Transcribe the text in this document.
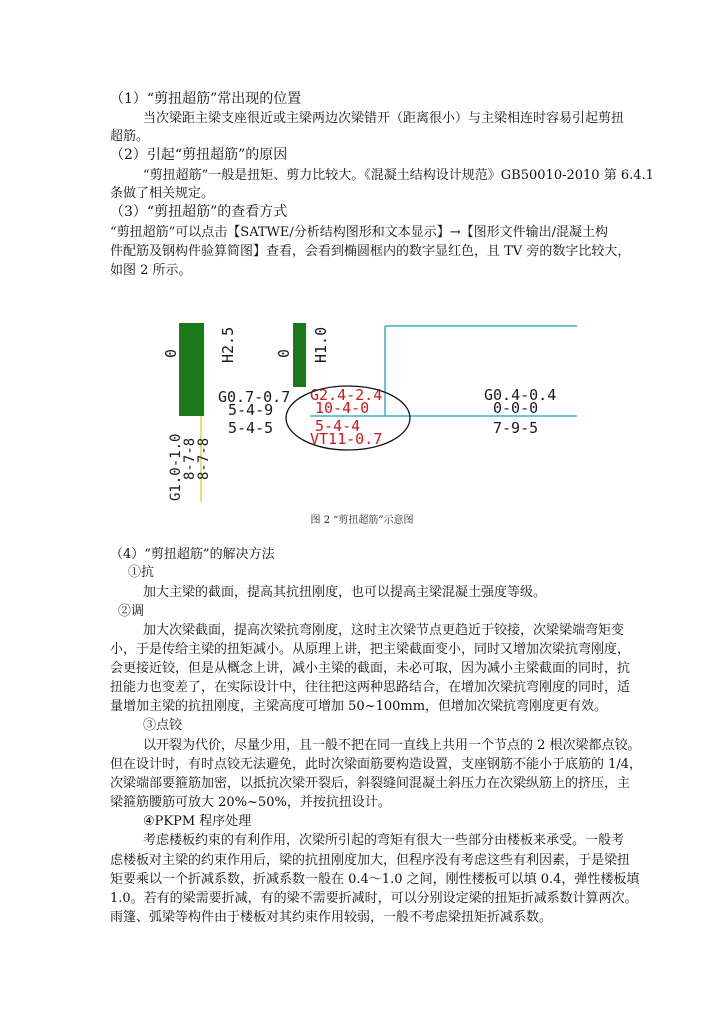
（1）“剪扭超筋”常出现的位置
当次梁距主梁支座很近或主梁两边次梁错开（距离很小）与主梁相连时容易引起剪扭
超筋。
（2）引起“剪扭超筋”的原因
“剪扭超筋”一般是扭矩、剪力比较大。《混凝土结构设计规范》GB50010-2010 第 6.4.1
条做了相关规定。
（3）“剪扭超筋”的查看方式
“剪扭超筋”可以点击【SATWE/分析结构图形和文本显示】→【图形文件输出/混凝土构
件配筋及钢构件验算简图】查看，会看到椭圆框内的数字显红色，且 TV 旁的数字比较大，
如图 2 所示。
0	H2.5	0 H1.0
G0.7-0.7
5-4-9
5-4-5
G2.4-2.4
10-4-0
5-4-4
VT11-0.7
G0.4-0.4
0-0-0
7-9-5
G1.0-1.0
8-7-8
8-7-8
图 2 “剪扭超筋”示意图
（4）“剪扭超筋”的解决方法
①抗
加大主梁的截面，提高其抗扭刚度，也可以提高主梁混凝土强度等级。
②调
加大次梁截面，提高次梁抗弯刚度，这时主次梁节点更趋近于铰接，次梁梁端弯矩变
小，于是传给主梁的扭矩减小。从原理上讲，把主梁截面变小，同时又增加次梁抗弯刚度，
会更接近铰，但是从概念上讲，减小主梁的截面，未必可取，因为减小主梁截面的同时，抗
扭能力也变差了，在实际设计中，往往把这两种思路结合，在增加次梁抗弯刚度的同时，适
量增加主梁的抗扭刚度，主梁高度可增加 50~100mm，但增加次梁抗弯刚度更有效。
③点铰
以开裂为代价，尽量少用，且一般不把在同一直线上共用一个节点的 2 根次梁都点铰。
但在设计时，有时点铰无法避免，此时次梁面筋要构造设置，支座钢筋不能小于底筋的 1/4，
次梁端部要箍筋加密，以抵抗次梁开裂后，斜裂缝间混凝土斜压力在次梁纵筋上的挤压，主
梁箍筋腰筋可放大 20%~50%，并按抗扭设计。
④PKPM 程序处理
考虑楼板约束的有利作用，次梁所引起的弯矩有很大一些部分由楼板来承受。一般考
虑楼板对主梁的约束作用后，梁的抗扭刚度加大，但程序没有考虑这些有利因素，于是梁扭
矩要乘以一个折减系数，折减系数一般在 0.4～1.0 之间，刚性楼板可以填 0.4，弹性楼板填
1.0。若有的梁需要折减，有的梁不需要折减时，可以分别设定梁的扭矩折减系数计算两次。
雨篷、弧梁等构件由于楼板对其约束作用较弱，一般不考虑梁扭矩折减系数。
